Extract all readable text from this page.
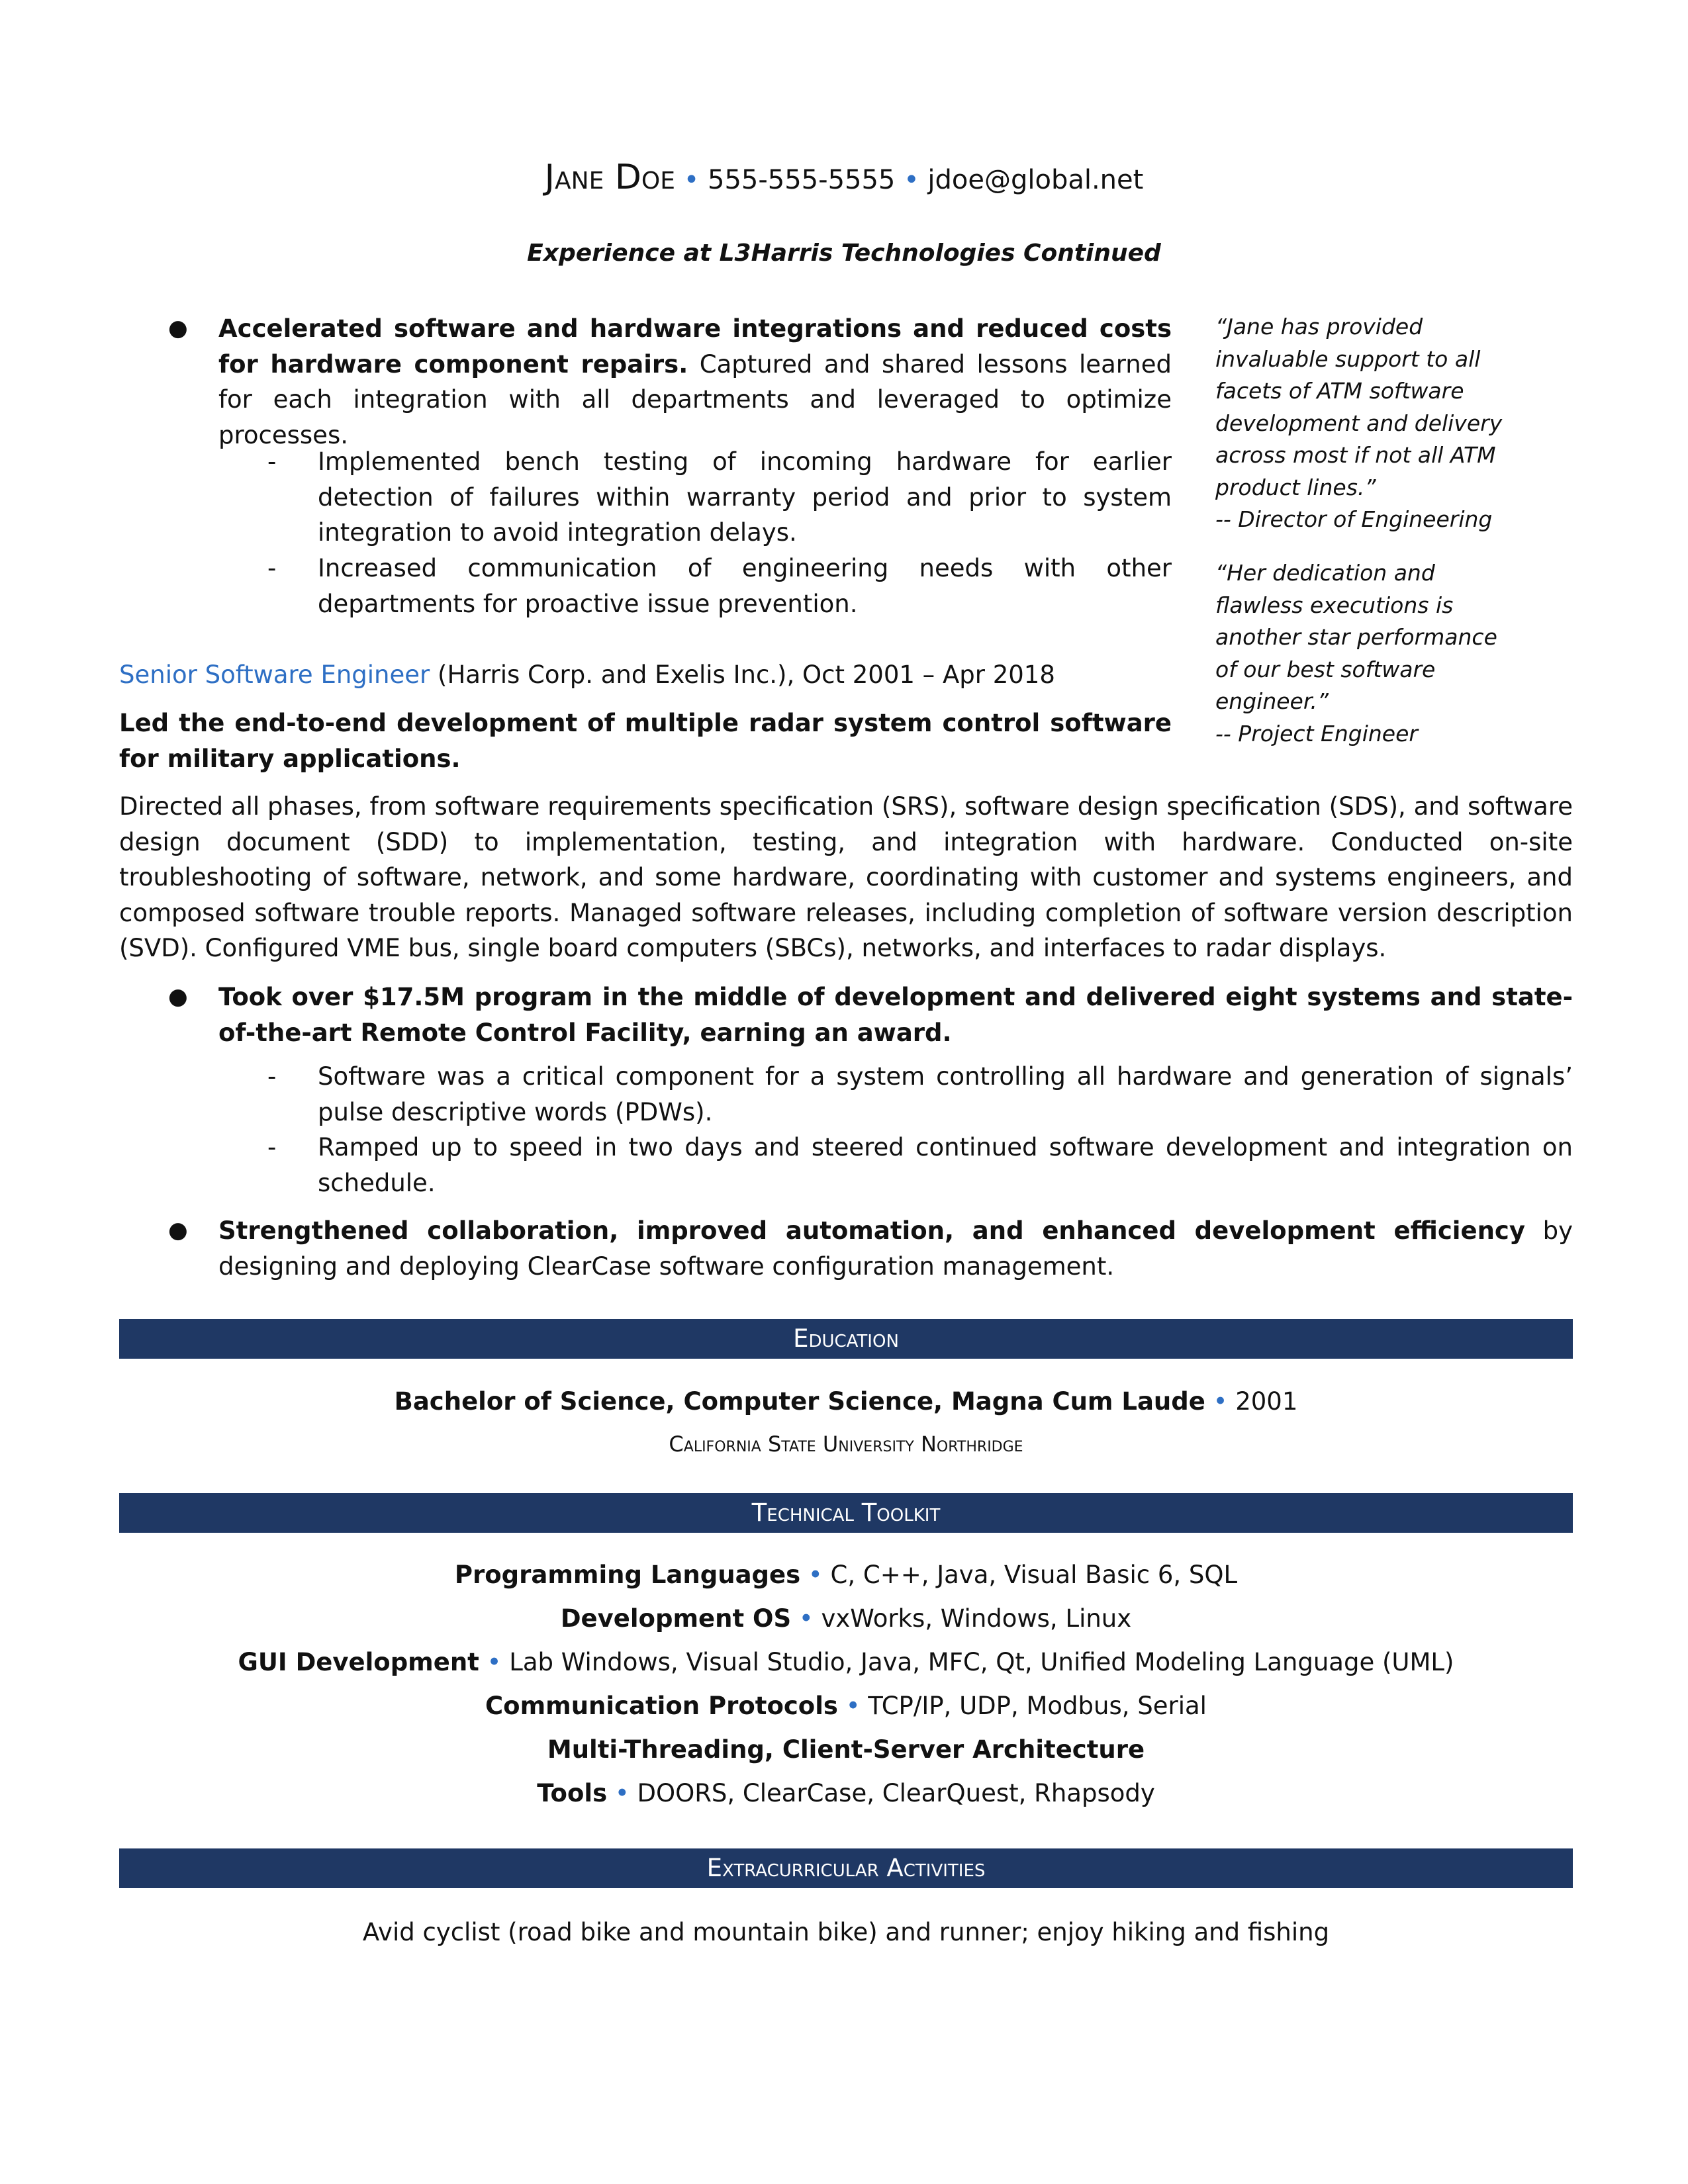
Jane Doe • 555-555-5555 • jdoe@global.net
Experience at L3Harris Technologies Continued
● Accelerated software and hardware integrations and reduced costs for hardware component repairs. Captured and shared lessons learned for each integration with all departments and leveraged to optimize processes.
- Implemented bench testing of incoming hardware for earlier detection of failures within warranty period and prior to system integration to avoid integration delays.
- Increased communication of engineering needs with other departments for proactive issue prevention.

“Jane has provided invaluable support to all facets of ATM software development and delivery across most if not all ATM product lines.”

-- Director of Engineering

“Her dedication and flawless executions is another star performance of our best software engineer.”

-- Project Engineer

Senior Software Engineer (Harris Corp. and Exelis Inc.), Oct 2001 – Apr 2018
Led the end-to-end development of multiple radar system control software for military applications.
Directed all phases, from software requirements specification (SRS), software design specification (SDS), and software design document (SDD) to implementation, testing, and integration with hardware. Conducted on-site troubleshooting of software, network, and some hardware, coordinating with customer and systems engineers, and composed software trouble reports. Managed software releases, including completion of software version description (SVD). Configured VME bus, single board computers (SBCs), networks, and interfaces to radar displays.
● Took over $17.5M program in the middle of development and delivered eight systems and state-of-the-art Remote Control Facility, earning an award.
- Software was a critical component for a system controlling all hardware and generation of signals’ pulse descriptive words (PDWs).
- Ramped up to speed in two days and steered continued software development and integration on schedule.
● Strengthened collaboration, improved automation, and enhanced development efficiency by designing and deploying ClearCase software configuration management.
Education
Bachelor of Science, Computer Science, Magna Cum Laude • 2001
California State University Northridge
Technical Toolkit
Programming Languages • C, C++, Java, Visual Basic 6, SQL
Development OS • vxWorks, Windows, Linux
GUI Development • Lab Windows, Visual Studio, Java, MFC, Qt, Unified Modeling Language (UML)
Communication Protocols • TCP/IP, UDP, Modbus, Serial
Multi-Threading, Client-Server Architecture
Tools • DOORS, ClearCase, ClearQuest, Rhapsody
Extracurricular Activities
Avid cyclist (road bike and mountain bike) and runner; enjoy hiking and fishing
